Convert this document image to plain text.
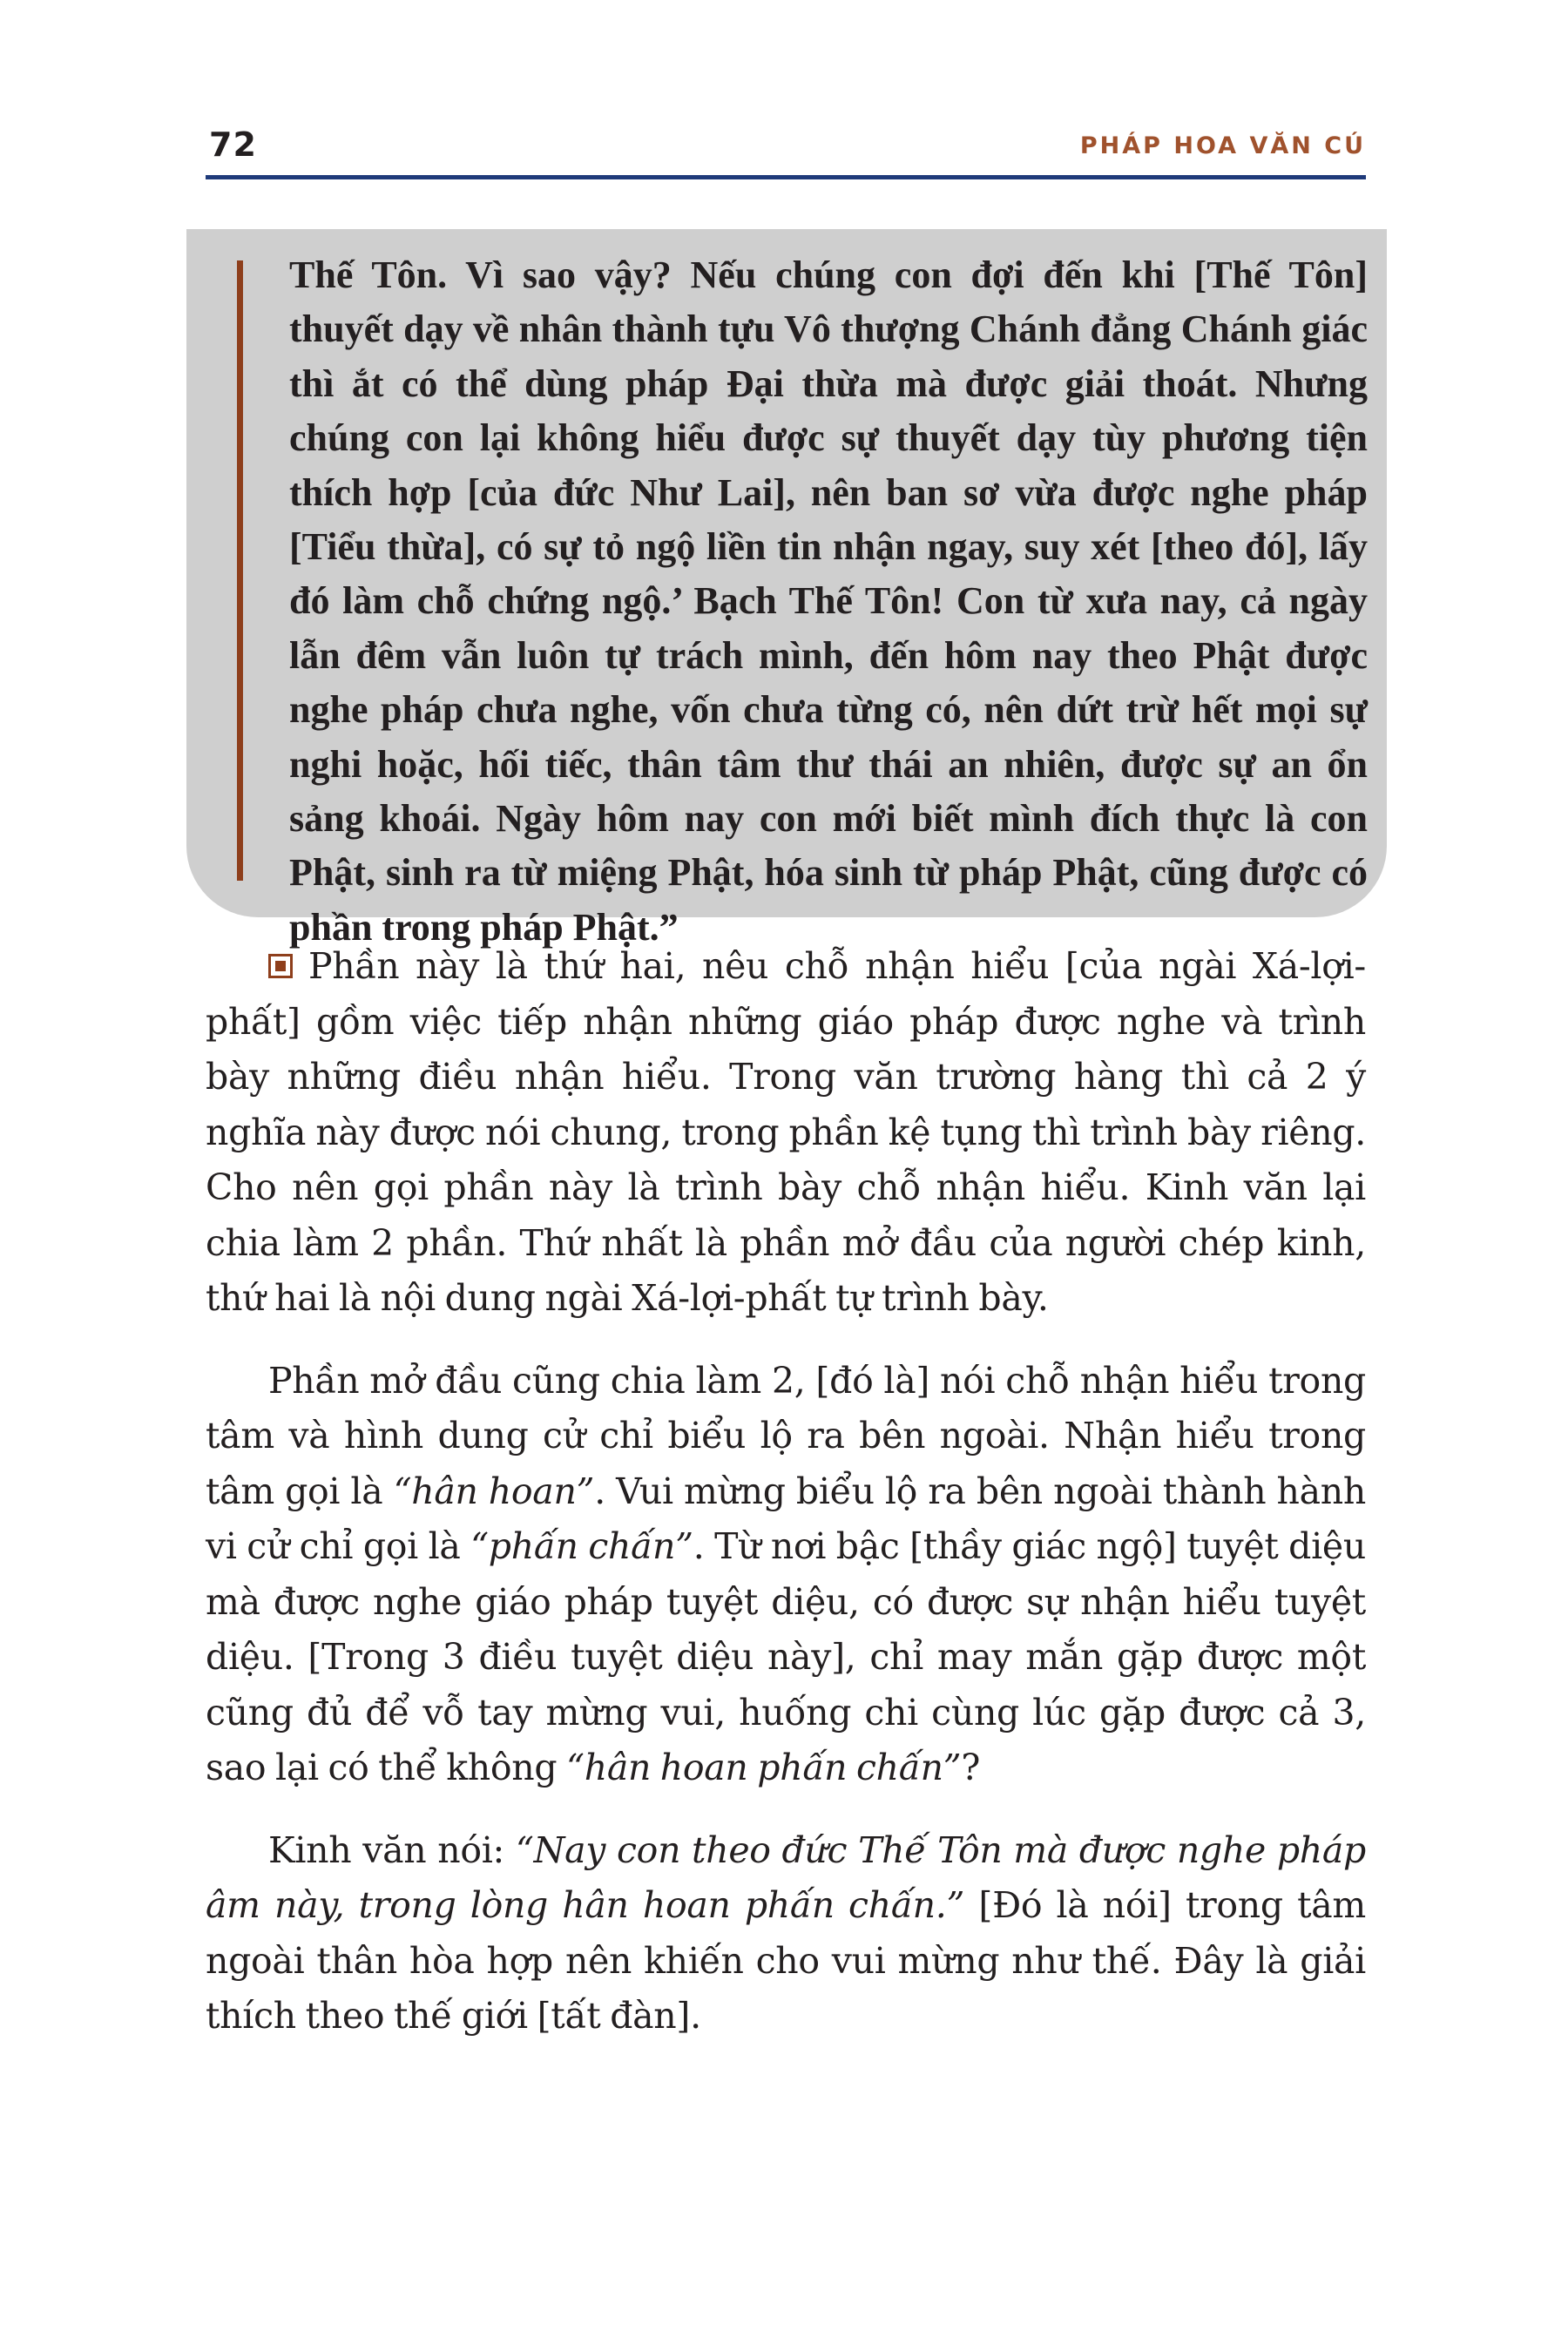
72	PHÁP HOA VĂN CÚ

Thế Tôn. Vì sao vậy? Nếu chúng con đợi đến khi [Thế Tôn] thuyết dạy về nhân thành tựu Vô thượng Chánh đẳng Chánh giác thì ắt có thể dùng pháp Đại thừa mà được giải thoát. Nhưng chúng con lại không hiểu được sự thuyết dạy tùy phương tiện thích hợp [của đức Như Lai], nên ban sơ vừa được nghe pháp [Tiểu thừa], có sự tỏ ngộ liền tin nhận ngay, suy xét [theo đó], lấy đó làm chỗ chứng ngộ.’ Bạch Thế Tôn! Con từ xưa nay, cả ngày lẫn đêm vẫn luôn tự trách mình, đến hôm nay theo Phật được nghe pháp chưa nghe, vốn chưa từng có, nên dứt trừ hết mọi sự nghi hoặc, hối tiếc, thân tâm thư thái an nhiên, được sự an ổn sảng khoái. Ngày hôm nay con mới biết mình đích thực là con Phật, sinh ra từ miệng Phật, hóa sinh từ pháp Phật, cũng được có phần trong pháp Phật.”

Phần này là thứ hai, nêu chỗ nhận hiểu [của ngài Xá-lợi-phất] gồm việc tiếp nhận những giáo pháp được nghe và trình bày những điều nhận hiểu. Trong văn trường hàng thì cả 2 ý nghĩa này được nói chung, trong phần kệ tụng thì trình bày riêng. Cho nên gọi phần này là trình bày chỗ nhận hiểu. Kinh văn lại chia làm 2 phần. Thứ nhất là phần mở đầu của người chép kinh, thứ hai là nội dung ngài Xá-lợi-phất tự trình bày.

Phần mở đầu cũng chia làm 2, [đó là] nói chỗ nhận hiểu trong tâm và hình dung cử chỉ biểu lộ ra bên ngoài. Nhận hiểu trong tâm gọi là “hân hoan”. Vui mừng biểu lộ ra bên ngoài thành hành vi cử chỉ gọi là “phấn chấn”. Từ nơi bậc [thầy giác ngộ] tuyệt diệu mà được nghe giáo pháp tuyệt diệu, có được sự nhận hiểu tuyệt diệu. [Trong 3 điều tuyệt diệu này], chỉ may mắn gặp được một cũng đủ để vỗ tay mừng vui, huống chi cùng lúc gặp được cả 3, sao lại có thể không “hân hoan phấn chấn”?

Kinh văn nói: “Nay con theo đức Thế Tôn mà được nghe pháp âm này, trong lòng hân hoan phấn chấn.” [Đó là nói] trong tâm ngoài thân hòa hợp nên khiến cho vui mừng như thế. Đây là giải thích theo thế giới [tất đàn].
